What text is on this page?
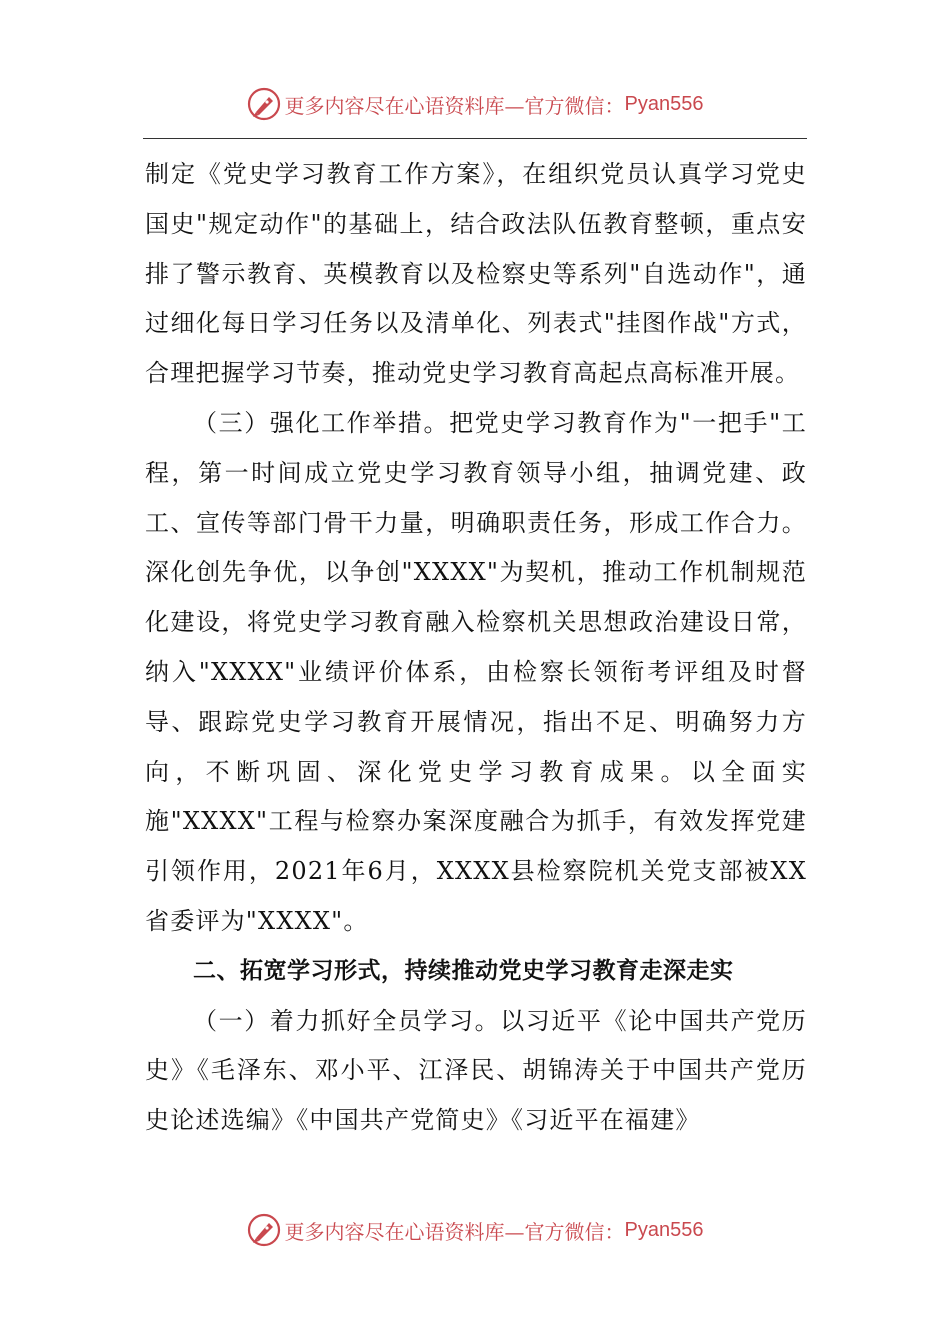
更多内容尽在心语资料库—官方微信： Pyan556

制定《党史学习教育工作方案》，在组织党员认真学习党史国史"规定动作"的基础上，结合政法队伍教育整顿，重点安排了警示教育、英模教育以及检察史等系列"自选动作"，通过细化每日学习任务以及清单化、列表式"挂图作战"方式，合理把握学习节奏，推动党史学习教育高起点高标准开展。

（三）强化工作举措。把党史学习教育作为"一把手"工程，第一时间成立党史学习教育领导小组，抽调党建、政工、宣传等部门骨干力量，明确职责任务，形成工作合力。深化创先争优，以争创"XXXX"为契机，推动工作机制规范化建设，将党史学习教育融入检察机关思想政治建设日常，纳入"XXXX"业绩评价体系，由检察长领衔考评组及时督导、跟踪党史学习教育开展情况，指出不足、明确努力方向，不断巩固、深化党史学习教育成果。以全面实施"XXXX"工程与检察办案深度融合为抓手，有效发挥党建引领作用，2021年6月，XXXX县检察院机关党支部被XX省委评为"XXXX"。

二、拓宽学习形式，持续推动党史学习教育走深走实

（一）着力抓好全员学习。以习近平《论中国共产党历史》《毛泽东、邓小平、江泽民、胡锦涛关于中国共产党历史论述选编》《中国共产党简史》《习近平在福建》

更多内容尽在心语资料库—官方微信： Pyan556
